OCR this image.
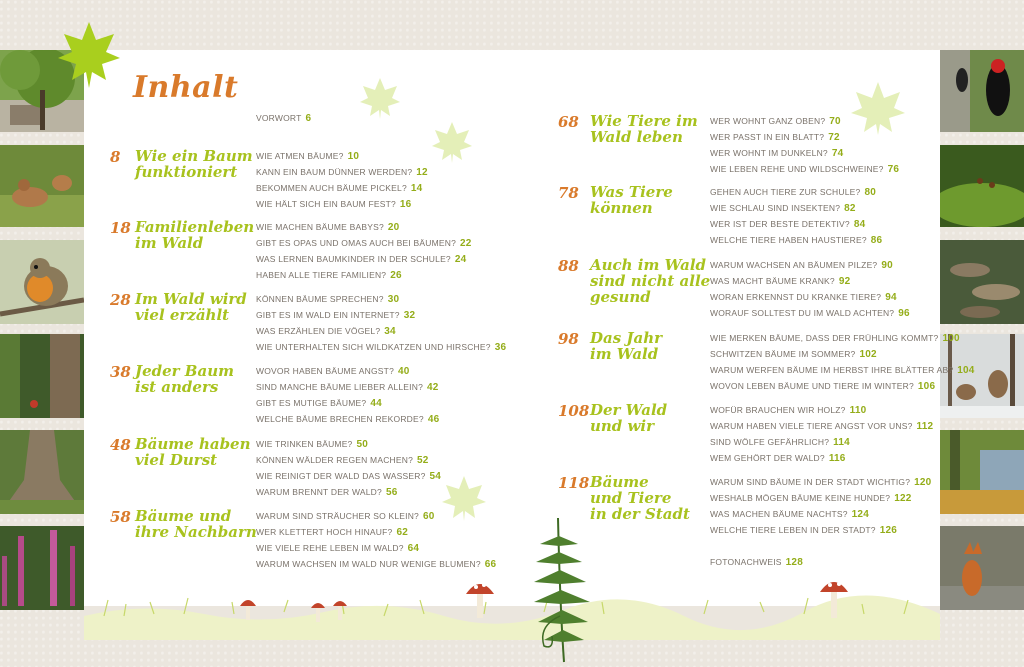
Inhalt
VORWORT 6
FOTONACHWEIS 128
8 Wie ein Baum
funktioniert
WIE ATMEN BÄUME? 10
KANN EIN BAUM DÜNNER WERDEN? 12
BEKOMMEN AUCH BÄUME PICKEL? 14
WIE HÄLT SICH EIN BAUM FEST? 16
18 Familienleben
im Wald
WIE MACHEN BÄUME BABYS? 20
GIBT ES OPAS UND OMAS AUCH BEI BÄUMEN? 22
WAS LERNEN BAUMKINDER IN DER SCHULE? 24
HABEN ALLE TIERE FAMILIEN? 26
28 Im Wald wird
viel erzählt
KÖNNEN BÄUME SPRECHEN? 30
GIBT ES IM WALD EIN INTERNET? 32
WAS ERZÄHLEN DIE VÖGEL? 34
WIE UNTERHALTEN SICH WILDKATZEN UND HIRSCHE? 36
38 Jeder Baum
ist anders
WOVOR HABEN BÄUME ANGST? 40
SIND MANCHE BÄUME LIEBER ALLEIN? 42
GIBT ES MUTIGE BÄUME? 44
WELCHE BÄUME BRECHEN REKORDE? 46
48 Bäume haben
viel Durst
WIE TRINKEN BÄUME? 50
KÖNNEN WÄLDER REGEN MACHEN? 52
WIE REINIGT DER WALD DAS WASSER? 54
WARUM BRENNT DER WALD? 56
58 Bäume und
ihre Nachbarn
WARUM SIND STRÄUCHER SO KLEIN? 60
WER KLETTERT HOCH HINAUF? 62
WIE VIELE REHE LEBEN IM WALD? 64
WARUM WACHSEN IM WALD NUR WENIGE BLUMEN? 66
68 Wie Tiere im
Wald leben
WER WOHNT GANZ OBEN? 70
WER PASST IN EIN BLATT? 72
WER WOHNT IM DUNKELN? 74
WIE LEBEN REHE UND WILDSCHWEINE? 76
78 Was Tiere
können
GEHEN AUCH TIERE ZUR SCHULE? 80
WIE SCHLAU SIND INSEKTEN? 82
WER IST DER BESTE DETEKTIV? 84
WELCHE TIERE HABEN HAUSTIERE? 86
88 Auch im Wald
sind nicht alle
gesund
WARUM WACHSEN AN BÄUMEN PILZE? 90
WAS MACHT BÄUME KRANK? 92
WORAN ERKENNST DU KRANKE TIERE? 94
WORAUF SOLLTEST DU IM WALD ACHTEN? 96
98 Das Jahr
im Wald
WIE MERKEN BÄUME, DASS DER FRÜHLING KOMMT? 100
SCHWITZEN BÄUME IM SOMMER? 102
WARUM WERFEN BÄUME IM HERBST IHRE BLÄTTER AB? 104
WOVON LEBEN BÄUME UND TIERE IM WINTER? 106
108 Der Wald
und wir
WOFÜR BRAUCHEN WIR HOLZ? 110
WARUM HABEN VIELE TIERE ANGST VOR UNS? 112
SIND WÖLFE GEFÄHRLICH? 114
WEM GEHÖRT DER WALD? 116
118 Bäume
und Tiere
in der Stadt
WARUM SIND BÄUME IN DER STADT WICHTIG? 120
WESHALB MÖGEN BÄUME KEINE HUNDE? 122
WAS MACHEN BÄUME NACHTS? 124
WELCHE TIERE LEBEN IN DER STADT? 126
